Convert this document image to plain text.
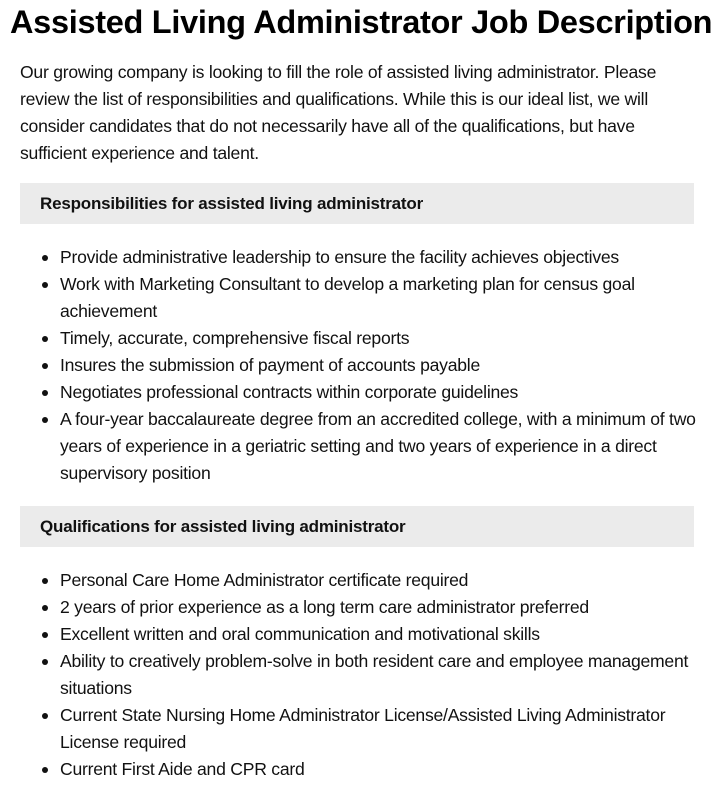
Assisted Living Administrator Job Description

Our growing company is looking to fill the role of assisted living administrator. Please review the list of responsibilities and qualifications. While this is our ideal list, we will consider candidates that do not necessarily have all of the qualifications, but have sufficient experience and talent.

Responsibilities for assisted living administrator
Provide administrative leadership to ensure the facility achieves objectives
Work with Marketing Consultant to develop a marketing plan for census goal achievement
Timely, accurate, comprehensive fiscal reports
Insures the submission of payment of accounts payable
Negotiates professional contracts within corporate guidelines
A four-year baccalaureate degree from an accredited college, with a minimum of two years of experience in a geriatric setting and two years of experience in a direct supervisory position
Qualifications for assisted living administrator
Personal Care Home Administrator certificate required
2 years of prior experience as a long term care administrator preferred
Excellent written and oral communication and motivational skills
Ability to creatively problem-solve in both resident care and employee management situations
Current State Nursing Home Administrator License/Assisted Living Administrator License required
Current First Aide and CPR card
